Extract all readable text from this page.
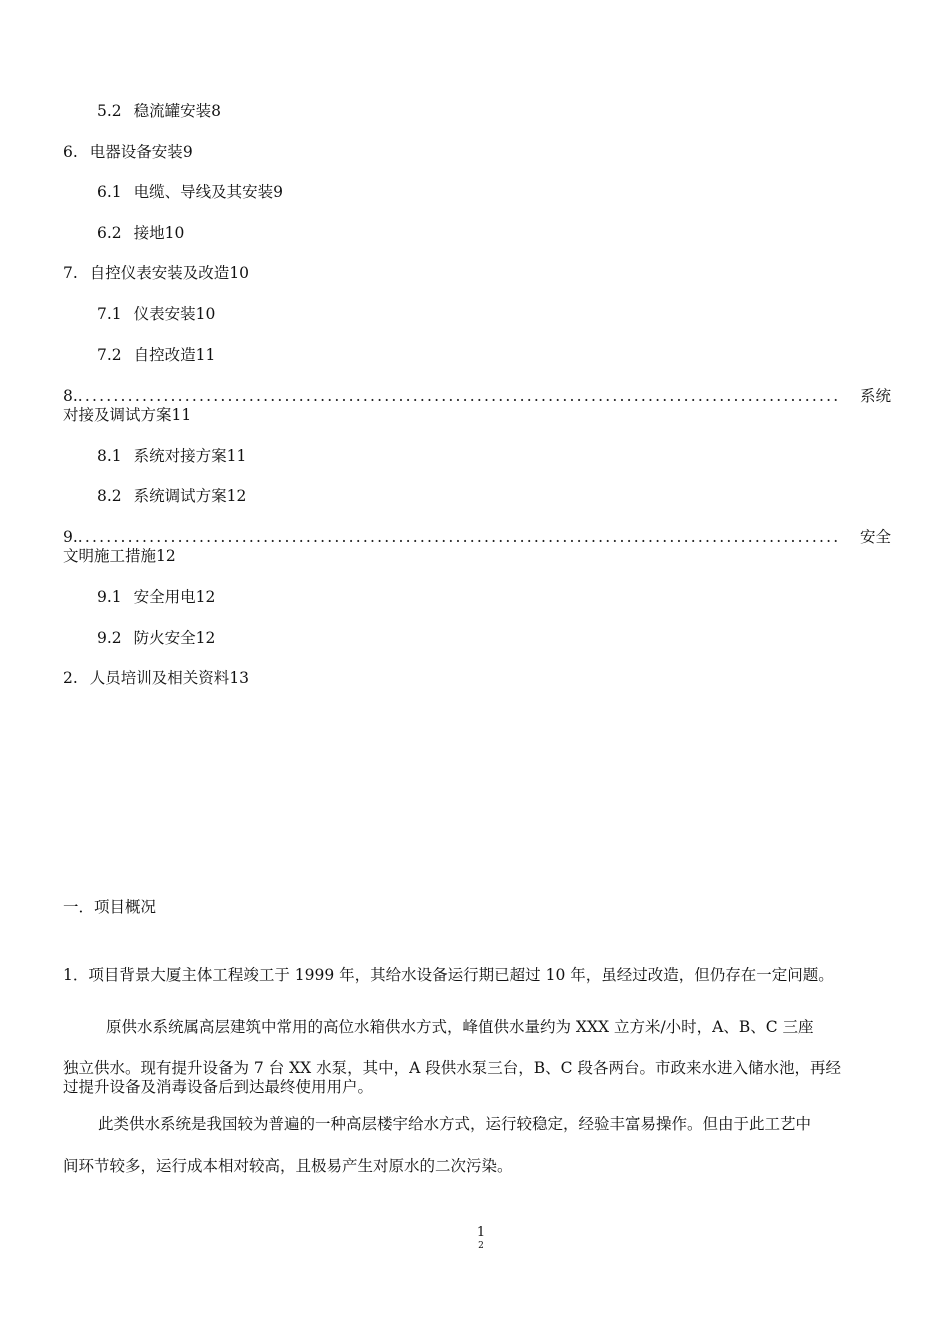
5.2 稳流罐安装8
6. 电器设备安装9
6.1 电缆、导线及其安装9
6.2 接地10
7. 自控仪表安装及改造10
7.1 仪表安装10
7.2 自控改造11
8. ...........................................................................................................	系统
对接及调试方案11
8.1 系统对接方案11
8.2 系统调试方案12
9. ...........................................................................................................	安全
文明施工措施12
9.1 安全用电12
9.2 防火安全12
2. 人员培训及相关资料13
一．项目概况
1．项目背景大厦主体工程竣工于 1999 年，其给水设备运行期已超过 10 年，虽经过改造，但仍存在一定问题。
原供水系统属高层建筑中常用的高位水箱供水方式，峰值供水量约为 XXX 立方米/小时，A、B、C 三座
独立供水。现有提升设备为 7 台 XX 水泵，其中，A 段供水泵三台，B、C 段各两台。市政来水进入储水池，再经
过提升设备及消毒设备后到达最终使用用户。
此类供水系统是我国较为普遍的一种高层楼宇给水方式，运行较稳定，经验丰富易操作。但由于此工艺中
间环节较多，运行成本相对较高，且极易产生对原水的二次污染。
1
2
